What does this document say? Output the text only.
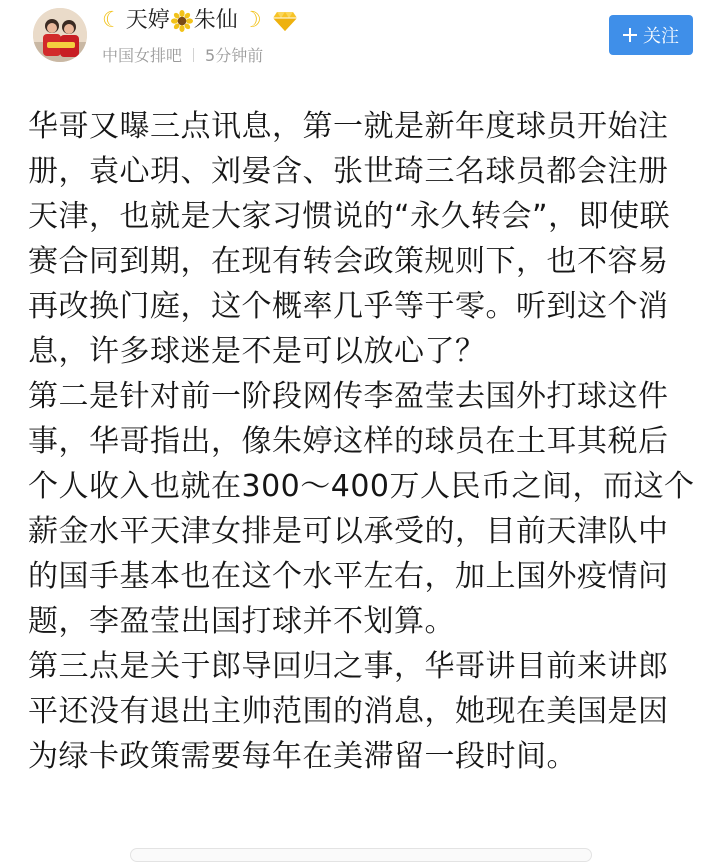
☾ 天婷 朱仙 ☾
中国女排吧 5分钟前
关注

华哥又曝三点讯息，第一就是新年度球员开始注册，袁心玥、刘晏含、张世琦三名球员都会注册天津，也就是大家习惯说的“永久转会”，即使联赛合同到期，在现有转会政策规则下，也不容易再改换门庭，这个概率几乎等于零。听到这个消息，许多球迷是不是可以放心了？

第二是针对前一阶段网传李盈莹去国外打球这件事，华哥指出，像朱婷这样的球员在土耳其税后个人收入也就在300～400万人民币之间，而这个薪金水平天津女排是可以承受的，目前天津队中的国手基本也在这个水平左右，加上国外疫情问题，李盈莹出国打球并不划算。

第三点是关于郎导回归之事，华哥讲目前来讲郎平还没有退出主帅范围的消息，她现在美国是因为绿卡政策需要每年在美滞留一段时间。
